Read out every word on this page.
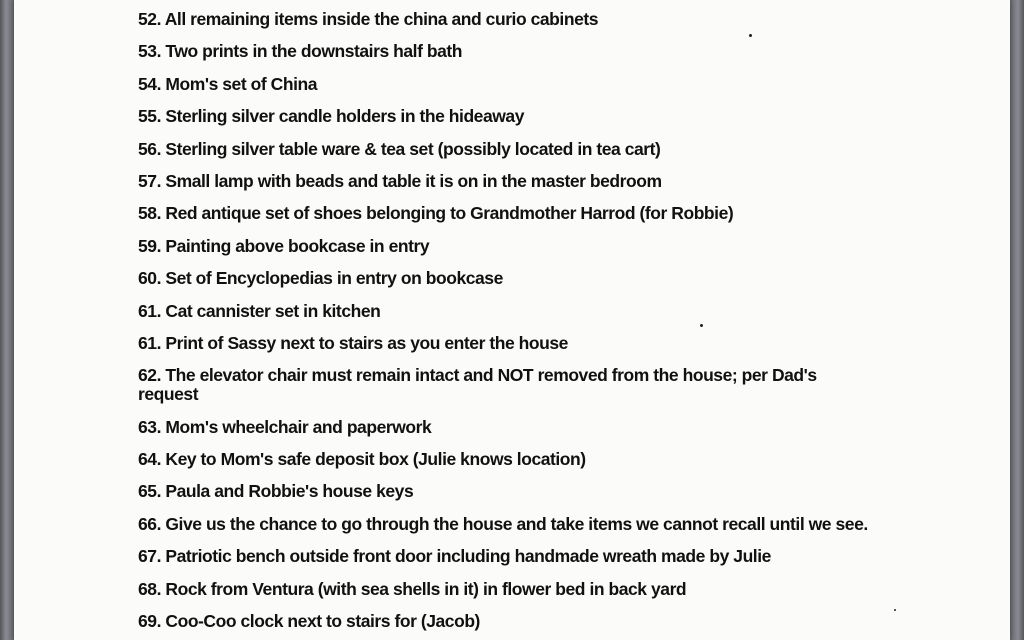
52. All remaining items inside the china and curio cabinets
53. Two prints in the downstairs half bath
54. Mom's set of China
55. Sterling silver candle holders in the hideaway
56. Sterling silver table ware & tea set (possibly located in tea cart)
57. Small lamp with beads and table it is on in the master bedroom
58. Red antique set of shoes belonging to Grandmother Harrod (for Robbie)
59. Painting above bookcase in entry
60. Set of Encyclopedias in entry on bookcase
61. Cat cannister set in kitchen
61. Print of Sassy next to stairs as you enter the house
62. The elevator chair must remain intact and NOT removed from the house; per Dad's request
63. Mom's wheelchair and paperwork
64. Key to Mom's safe deposit box (Julie knows location)
65. Paula and Robbie's house keys
66. Give us the chance to go through the house and take items we cannot recall until we see.
67. Patriotic bench outside front door including handmade wreath made by Julie
68. Rock from Ventura (with sea shells in it) in flower bed in back yard
69. Coo-Coo clock next to stairs for (Jacob)
